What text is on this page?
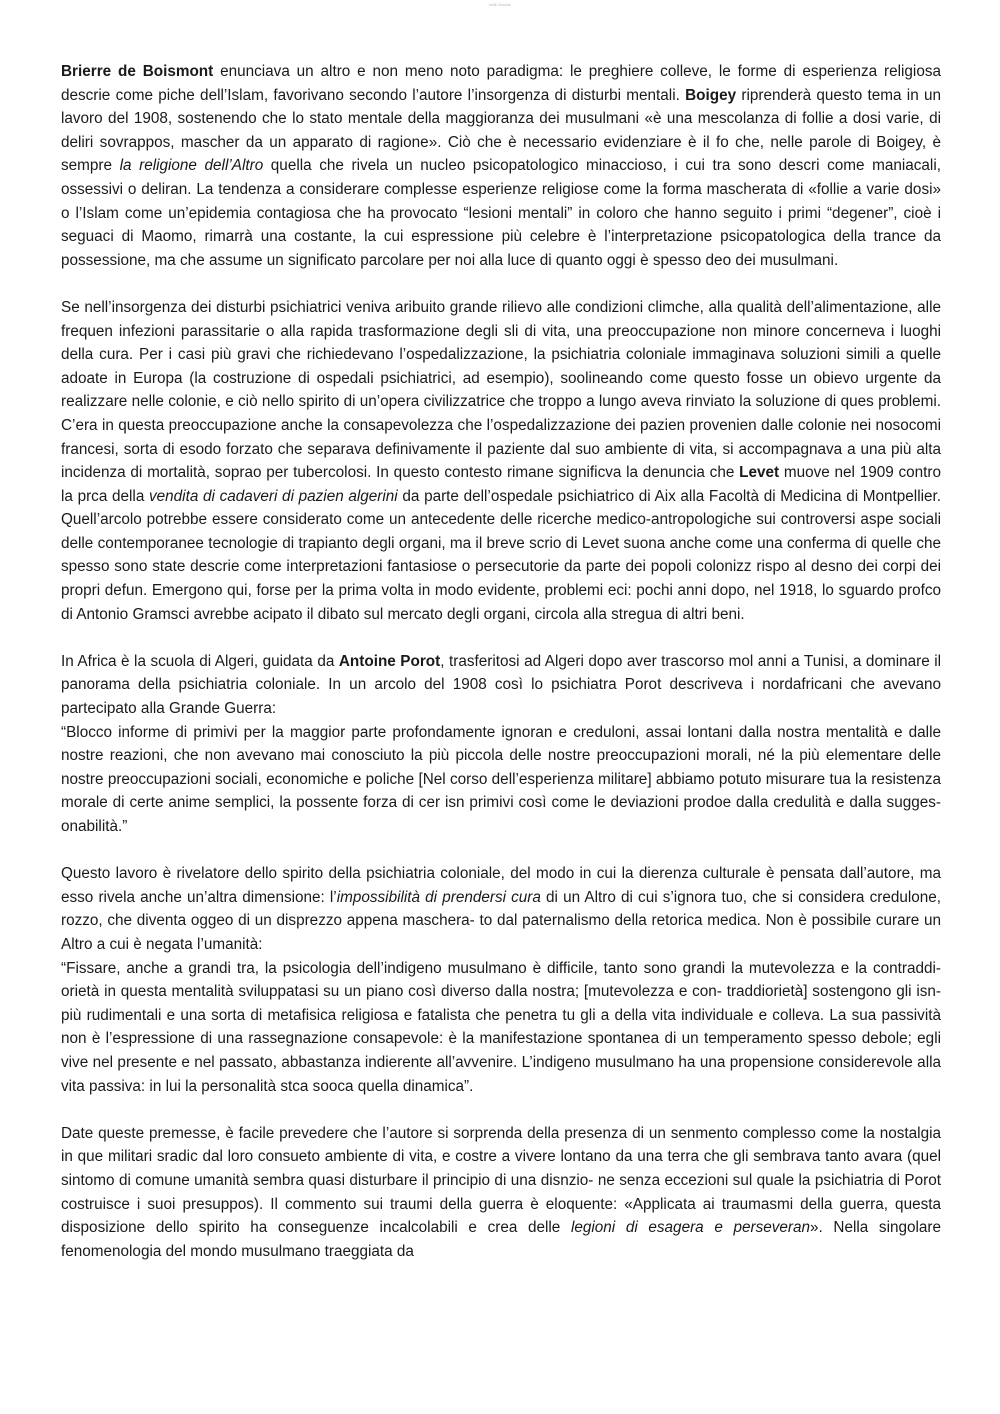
Iubilì Davide

Brierre de Boismont enunciava un altro e non meno noto paradigma: le preghiere colleve, le forme di esperienza religiosa descrie come piche dell’Islam, favorivano secondo l’autore l’insorgenza di disturbi mentali. Boigey riprenderà questo tema in un lavoro del 1908, sostenendo che lo stato mentale della maggioranza dei musulmani «è una mescolanza di follie a dosi varie, di deliri sovrappos, mascher da un apparato di ragione». Ciò che è necessario evidenziare è il fo che, nelle parole di Boigey, è sempre la religione dell’Altro quella che rivela un nucleo psicopatologico minaccioso, i cui tra sono descri come maniacali, ossessivi o deliran. La tendenza a considerare complesse esperienze religiose come la forma mascherata di «follie a varie dosi» o l’Islam come un’epidemia contagiosa che ha provocato “lesioni mentali” in coloro che hanno seguito i primi “degener”, cioè i seguaci di Maomo, rimarrà una costante, la cui espressione più celebre è l’interpretazione psicopatologica della trance da possessione, ma che assume un significato parcolare per noi alla luce di quanto oggi è spesso deo dei musulmani.

Se nell’insorgenza dei disturbi psichiatrici veniva aribuito grande rilievo alle condizioni climche, alla qualità dell’alimentazione, alle frequen infezioni parassitarie o alla rapida trasformazione degli sli di vita, una preoccupazione non minore concerneva i luoghi della cura. Per i casi più gravi che richiedevano l’ospedalizzazione, la psichiatria coloniale immaginava soluzioni simili a quelle adoate in Europa (la costruzione di ospedali psichiatrici, ad esempio), soolineando come questo fosse un obievo urgente da realizzare nelle colonie, e ciò nello spirito di un’opera civilizzatrice che troppo a lungo aveva rinviato la soluzione di ques problemi. C’era in questa preoccupazione anche la consapevolezza che l’ospedalizzazione dei pazien provenien dalle colonie nei nosocomi francesi, sorta di esodo forzato che separava definivamente il paziente dal suo ambiente di vita, si accompagnava a una più alta incidenza di mortalità, soprao per tubercolosi. In questo contesto rimane significva la denuncia che Levet muove nel 1909 contro la prca della vendita di cadaveri di pazien algerini da parte dell’ospedale psichiatrico di Aix alla Facoltà di Medicina di Montpellier. Quell’arcolo potrebbe essere considerato come un antecedente delle ricerche medico-antropologiche sui controversi aspe sociali delle contemporanee tecnologie di trapianto degli organi, ma il breve scrio di Levet suona anche come una conferma di quelle che spesso sono state descrie come interpretazioni fantasiose o persecutorie da parte dei popoli colonizz rispo al desno dei corpi dei propri defun. Emergono qui, forse per la prima volta in modo evidente, problemi eci: pochi anni dopo, nel 1918, lo sguardo profco di Antonio Gramsci avrebbe acipato il dibato sul mercato degli organi, circola alla stregua di altri beni.

In Africa è la scuola di Algeri, guidata da Antoine Porot, trasferitosi ad Algeri dopo aver trascorso mol anni a Tunisi, a dominare il panorama della psichiatria coloniale. In un arcolo del 1908 così lo psichiatra Porot descriveva i nordafricani che avevano partecipato alla Grande Guerra:
“Blocco informe di primivi per la maggior parte profondamente ignoran e creduloni, assai lontani dalla nostra mentalità e dalle nostre reazioni, che non avevano mai conosciuto la più piccola delle nostre preoccupazioni morali, né la più elementare delle nostre preoccupazioni sociali, economiche e poliche [Nel corso dell’esperienza militare] abbiamo potuto misurare tua la resistenza morale di certe anime semplici, la possente forza di cer isn primivi così come le deviazioni prodoe dalla credulità e dalla suggesonabilità.”

Questo lavoro è rivelatore dello spirito della psichiatria coloniale, del modo in cui la dierenza culturale è pensata dall’autore, ma esso rivela anche un’altra dimensione: l’impossibilità di prendersi cura di un Altro di cui s’ignora tuo, che si considera credulone, rozzo, che diventa oggeo di un disprezzo appena maschera- to dal paternalismo della retorica medica. Non è possibile curare un Altro a cui è negata l’umanità:
“Fissare, anche a grandi tra, la psicologia dell’indigeno musulmano è difficile, tanto sono grandi la mutevolezza e la contraddiorietà in questa mentalità sviluppatasi su un piano così diverso dalla nostra; [mutevolezza e con- traddiorietà] sostengono gli isn più rudimentali e una sorta di metafisica religiosa e fatalista che penetra tu gli a della vita individuale e colleva. La sua passività non è l’espressione di una rassegnazione consapevole: è la manifestazione spontanea di un temperamento spesso debole; egli vive nel presente e nel passato, abbastanza indierente all’avvenire. L’indigeno musulmano ha una propensione considerevole alla vita passiva: in lui la personalità stca sooca quella dinamica”.

Date queste premesse, è facile prevedere che l’autore si sorprenda della presenza di un senmento complesso come la nostalgia in que militari sradic dal loro consueto ambiente di vita, e costre a vivere lontano da una terra che gli sembrava tanto avara (quel sintomo di comune umanità sembra quasi disturbare il principio di una disnzio- ne senza eccezioni sul quale la psichiatria di Porot costruisce i suoi presuppos). Il commento sui traumi della guerra è eloquente: «Applicata ai traumasmi della guerra, questa disposizione dello spirito ha conseguenze incalcolabili e crea delle legioni di esagera e perseveran». Nella singolare fenomenologia del mondo musulmano traeggiata da
